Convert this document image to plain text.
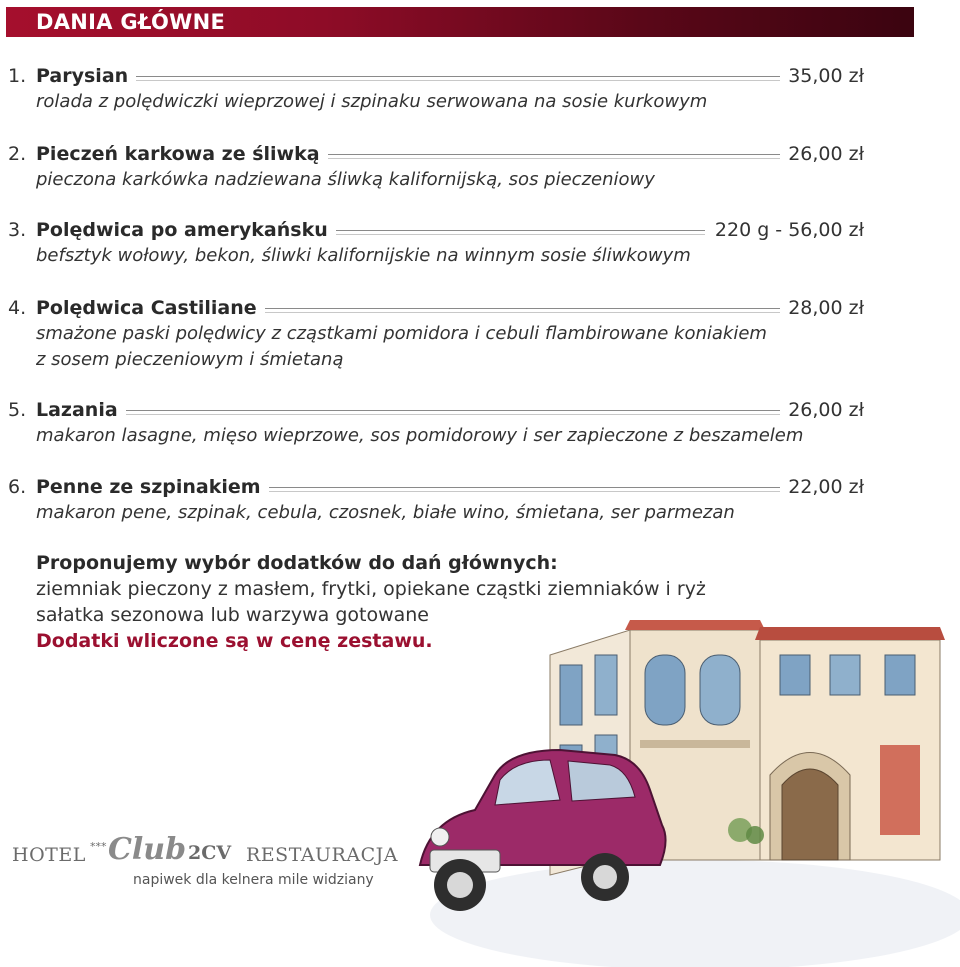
DANIA GŁÓWNE
1. Parysian	35,00 zł
rolada z polędwiczki wieprzowej i szpinaku serwowana na sosie kurkowym
2. Pieczeń karkowa ze śliwką	26,00 zł
pieczona karkówka nadziewana śliwką kalifornijską, sos pieczeniowy
3. Polędwica po amerykańsku	220 g - 56,00 zł
befsztyk wołowy, bekon, śliwki kalifornijskie na winnym sosie śliwkowym
4. Polędwica Castiliane	28,00 zł
smażone paski polędwicy z cząstkami pomidora i cebuli flambirowane koniakiem
z sosem pieczeniowym i śmietaną
5. Lazania	26,00 zł
makaron lasagne, mięso wieprzowe, sos pomidorowy i ser zapieczone z beszamelem
6. Penne ze szpinakiem	22,00 zł
makaron pene, szpinak, cebula, czosnek, białe wino, śmietana, ser parmezan
Proponujemy wybór dodatków do dań głównych:
ziemniak pieczony z masłem, frytki, opiekane cząstki ziemniaków i ryż
sałatka sezonowa lub warzywa gotowane
Dodatki wliczone są w cenę zestawu.
HOTEL *** Club 2CV RESTAURACJA
napiwek dla kelnera mile widziany
